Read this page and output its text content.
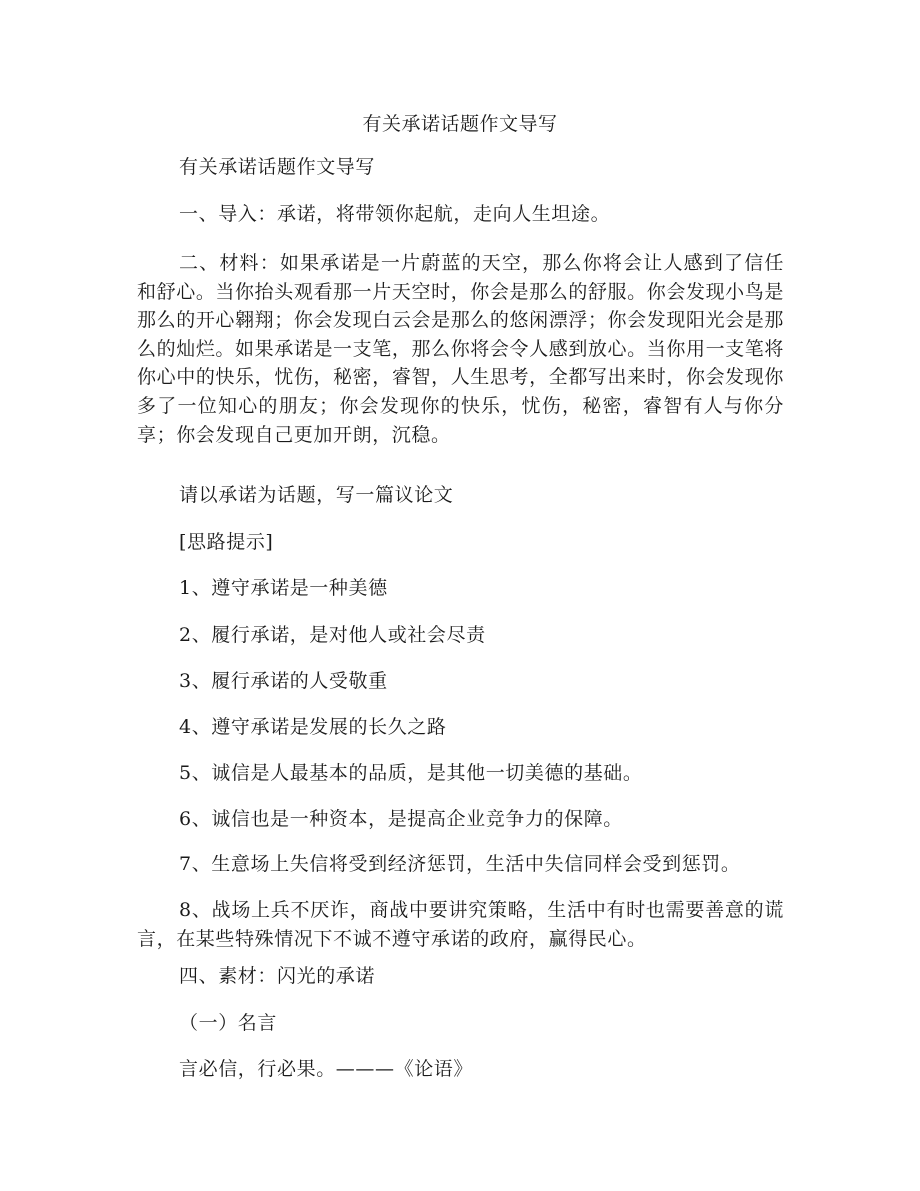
有关承诺话题作文导写

有关承诺话题作文导写

一、导入：承诺，将带领你起航，走向人生坦途。

二、材料：如果承诺是一片蔚蓝的天空，那么你将会让人感到了信任和舒心。当你抬头观看那一片天空时，你会是那么的舒服。你会发现小鸟是那么的开心翱翔；你会发现白云会是那么的悠闲漂浮；你会发现阳光会是那么的灿烂。如果承诺是一支笔，那么你将会令人感到放心。当你用一支笔将你心中的快乐，忧伤，秘密，睿智，人生思考，全都写出来时，你会发现你多了一位知心的朋友；你会发现你的快乐，忧伤，秘密，睿智有人与你分享；你会发现自己更加开朗，沉稳。

请以承诺为话题，写一篇议论文

[思路提示]

1、遵守承诺是一种美德

2、履行承诺，是对他人或社会尽责

3、履行承诺的人受敬重

4、遵守承诺是发展的长久之路

5、诚信是人最基本的品质，是其他一切美德的基础。

6、诚信也是一种资本，是提高企业竞争力的保障。

7、生意场上失信将受到经济惩罚，生活中失信同样会受到惩罚。

8、战场上兵不厌诈，商战中要讲究策略，生活中有时也需要善意的谎言，在某些特殊情况下不诚不遵守承诺的政府，赢得民心。

四、素材：闪光的承诺

（一）名言

言必信，行必果。———《论语》
